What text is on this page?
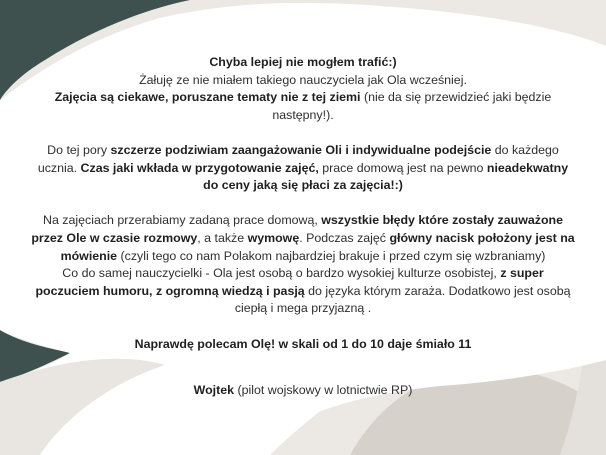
Chyba lepiej nie mogłem trafić:)

Żałuję ze nie miałem takiego nauczyciela jak Ola wcześniej.

Zajęcia są ciekawe, poruszane tematy nie z tej ziemi (nie da się przewidzieć jaki będzie następny!).

Do tej pory szczerze podziwiam zaangażowanie Oli i indywidualne podejście do każdego ucznia. Czas jaki wkłada w przygotowanie zajęć, prace domową jest na pewno nieadekwatny do ceny jaką się płaci za zajęcia!:)

Na zajęciach przerabiamy zadaną prace domową, wszystkie błędy które zostały zauważone przez Ole w czasie rozmowy, a także wymowę. Podczas zajęć główny nacisk położony jest na mówienie (czyli tego co nam Polakom najbardziej brakuje i przed czym się wzbraniamy)

Co do samej nauczycielki - Ola jest osobą o bardzo wysokiej kulturze osobistej, z super poczuciem humoru, z ogromną wiedzą i pasją do języka którym zaraża. Dodatkowo jest osobą ciepłą i mega przyjazną .

Naprawdę polecam Olę! w skali od 1 do 10 daje śmiało 11

Wojtek (pilot wojskowy w lotnictwie RP)
